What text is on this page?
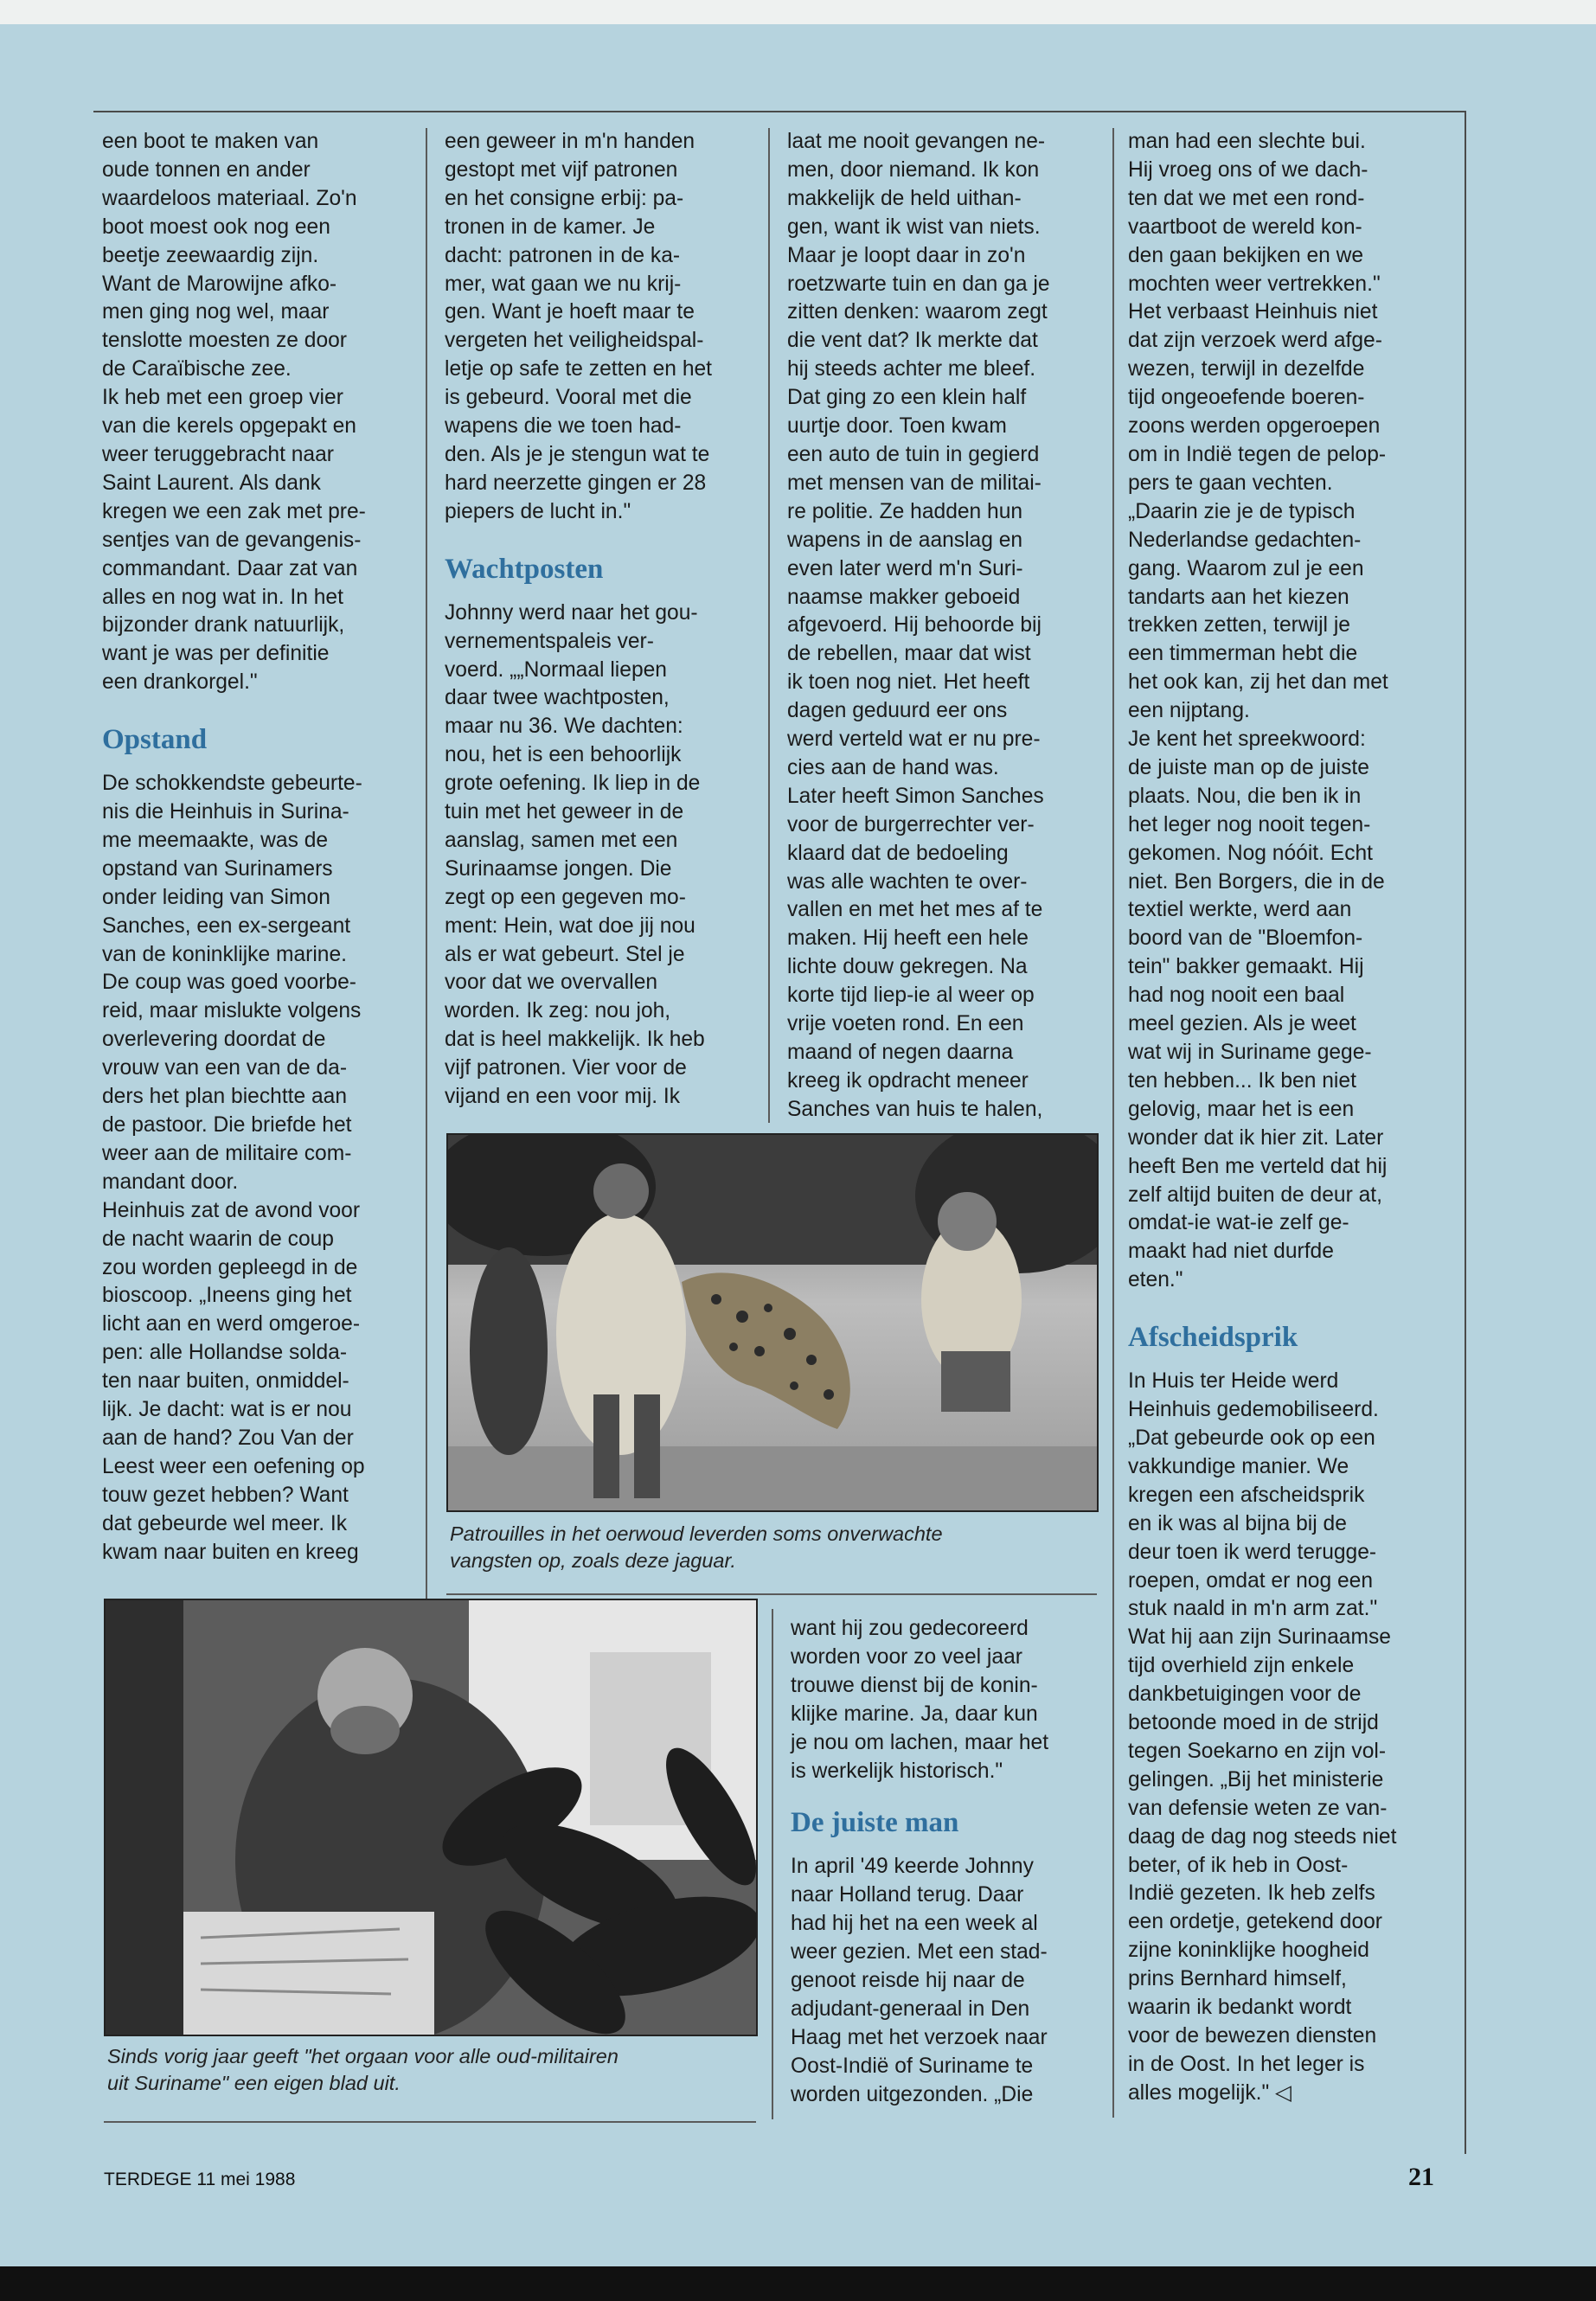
een boot te maken van
oude tonnen en ander
waardeloos materiaal. Zo'n
boot moest ook nog een
beetje zeewaardig zijn.
Want de Marowijne afko-
men ging nog wel, maar
tenslotte moesten ze door
de Caraïbische zee.
Ik heb met een groep vier
van die kerels opgepakt en
weer teruggebracht naar
Saint Laurent. Als dank
kregen we een zak met pre-
sentjes van de gevangenis-
commandant. Daar zat van
alles en nog wat in. In het
bijzonder drank natuurlijk,
want je was per definitie
een drankorgel."

Opstand

De schokkendste gebeurte-
nis die Heinhuis in Surina-
me meemaakte, was de
opstand van Surinamers
onder leiding van Simon
Sanches, een ex-sergeant
van de koninklijke marine.
De coup was goed voorbe-
reid, maar mislukte volgens
overlevering doordat de
vrouw van een van de da-
ders het plan biechtte aan
de pastoor. Die briefde het
weer aan de militaire com-
mandant door.
Heinhuis zat de avond voor
de nacht waarin de coup
zou worden gepleegd in de
bioscoop. „Ineens ging het
licht aan en werd omgeroe-
pen: alle Hollandse solda-
ten naar buiten, onmiddel-
lijk. Je dacht: wat is er nou
aan de hand? Zou Van der
Leest weer een oefening op
touw gezet hebben? Want
dat gebeurde wel meer. Ik
kwam naar buiten en kreeg

een geweer in m'n handen
gestopt met vijf patronen
en het consigne erbij: pa-
tronen in de kamer. Je
dacht: patronen in de ka-
mer, wat gaan we nu krij-
gen. Want je hoeft maar te
vergeten het veiligheidspal-
letje op safe te zetten en het
is gebeurd. Vooral met die
wapens die we toen had-
den. Als je je stengun wat te
hard neerzette gingen er 28
piepers de lucht in."

Wachtposten

Johnny werd naar het gou-
vernementspaleis ver-
voerd. „„Normaal liepen
daar twee wachtposten,
maar nu 36. We dachten:
nou, het is een behoorlijk
grote oefening. Ik liep in de
tuin met het geweer in de
aanslag, samen met een
Surinaamse jongen. Die
zegt op een gegeven mo-
ment: Hein, wat doe jij nou
als er wat gebeurt. Stel je
voor dat we overvallen
worden. Ik zeg: nou joh,
dat is heel makkelijk. Ik heb
vijf patronen. Vier voor de
vijand en een voor mij. Ik

laat me nooit gevangen ne-
men, door niemand. Ik kon
makkelijk de held uithan-
gen, want ik wist van niets.
Maar je loopt daar in zo'n
roetzwarte tuin en dan ga je
zitten denken: waarom zegt
die vent dat? Ik merkte dat
hij steeds achter me bleef.
Dat ging zo een klein half
uurtje door. Toen kwam
een auto de tuin in gegierd
met mensen van de militai-
re politie. Ze hadden hun
wapens in de aanslag en
even later werd m'n Suri-
naamse makker geboeid
afgevoerd. Hij behoorde bij
de rebellen, maar dat wist
ik toen nog niet. Het heeft
dagen geduurd eer ons
werd verteld wat er nu pre-
cies aan de hand was.
Later heeft Simon Sanches
voor de burgerrechter ver-
klaard dat de bedoeling
was alle wachten te over-
vallen en met het mes af te
maken. Hij heeft een hele
lichte douw gekregen. Na
korte tijd liep-ie al weer op
vrije voeten rond. En een
maand of negen daarna
kreeg ik opdracht meneer
Sanches van huis te halen,

want hij zou gedecoreerd
worden voor zo veel jaar
trouwe dienst bij de konin-
klijke marine. Ja, daar kun
je nou om lachen, maar het
is werkelijk historisch."

De juiste man

In april '49 keerde Johnny
naar Holland terug. Daar
had hij het na een week al
weer gezien. Met een stad-
genoot reisde hij naar de
adjudant-generaal in Den
Haag met het verzoek naar
Oost-Indië of Suriname te
worden uitgezonden. „Die

man had een slechte bui.
Hij vroeg ons of we dach-
ten dat we met een rond-
vaartboot de wereld kon-
den gaan bekijken en we
mochten weer vertrekken."
Het verbaast Heinhuis niet
dat zijn verzoek werd afge-
wezen, terwijl in dezelfde
tijd ongeoefende boeren-
zoons werden opgeroepen
om in Indië tegen de pelop-
pers te gaan vechten.
„Daarin zie je de typisch
Nederlandse gedachten-
gang. Waarom zul je een
tandarts aan het kiezen
trekken zetten, terwijl je
een timmerman hebt die
het ook kan, zij het dan met
een nijptang.
Je kent het spreekwoord:
de juiste man op de juiste
plaats. Nou, die ben ik in
het leger nog nooit tegen-
gekomen. Nog nóóit. Echt
niet. Ben Borgers, die in de
textiel werkte, werd aan
boord van de "Bloemfon-
tein" bakker gemaakt. Hij
had nog nooit een baal
meel gezien. Als je weet
wat wij in Suriname gege-
ten hebben... Ik ben niet
gelovig, maar het is een
wonder dat ik hier zit. Later
heeft Ben me verteld dat hij
zelf altijd buiten de deur at,
omdat-ie wat-ie zelf ge-
maakt had niet durfde
eten."

Afscheidsprik

In Huis ter Heide werd
Heinhuis gedemobiliseerd.
„Dat gebeurde ook op een
vakkundige manier. We
kregen een afscheidsprik
en ik was al bijna bij de
deur toen ik werd terugge-
roepen, omdat er nog een
stuk naald in m'n arm zat."
Wat hij aan zijn Surinaamse
tijd overhield zijn enkele
dankbetuigingen voor de
betoonde moed in de strijd
tegen Soekarno en zijn vol-
gelingen. „Bij het ministerie
van defensie weten ze van-
daag de dag nog steeds niet
beter, of ik heb in Oost-
Indië gezeten. Ik heb zelfs
een ordetje, getekend door
zijne koninklijke hoogheid
prins Bernhard himself,
waarin ik bedankt wordt
voor de bewezen diensten
in de Oost. In het leger is
alles mogelijk." ◁

Patrouilles in het oerwoud leverden soms onverwachte
vangsten op, zoals deze jaguar.
Sinds vorig jaar geeft "het orgaan voor alle oud-militairen
uit Suriname" een eigen blad uit.
TERDEGE 11 mei 1988	21
